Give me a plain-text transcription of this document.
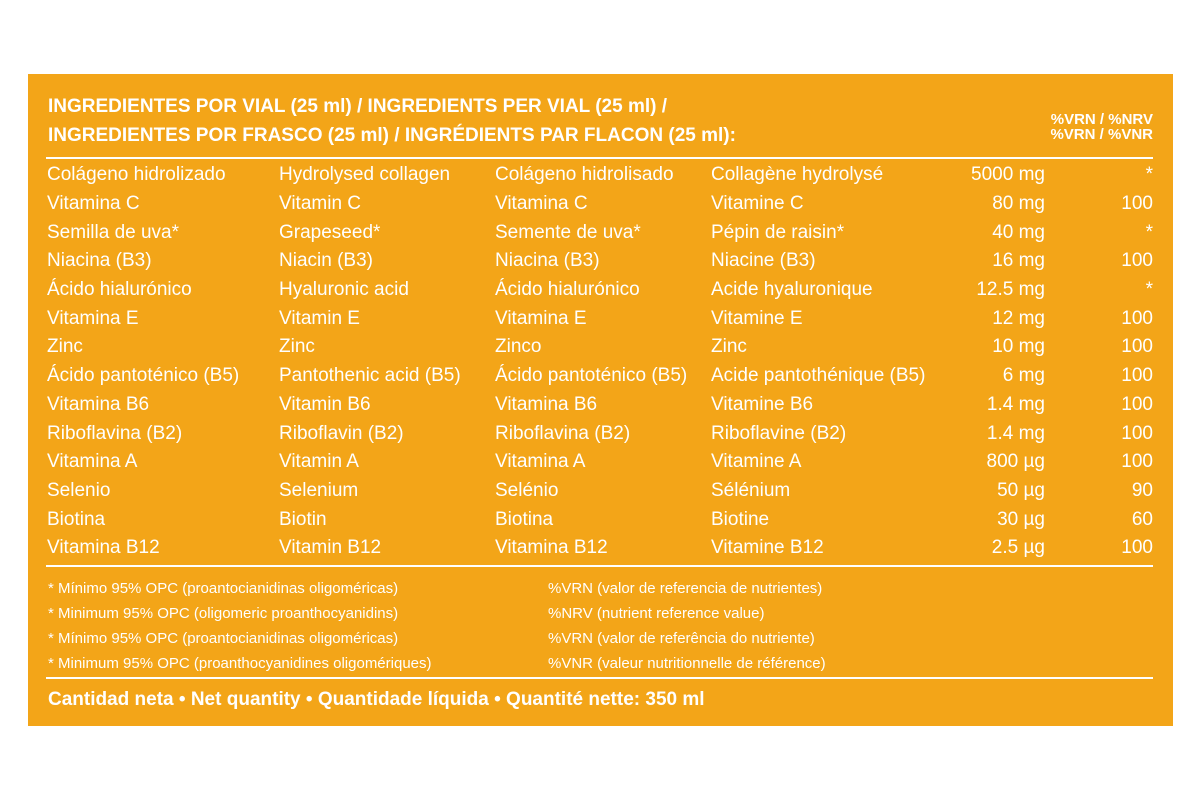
INGREDIENTES POR VIAL (25 ml) / INGREDIENTS PER VIAL (25 ml) /
INGREDIENTES POR FRASCO (25 ml) / INGRÉDIENTS PAR FLACON (25 ml):
%VRN / %NRV
%VRN / %VNR
Colágeno hidrolizado	Hydrolysed collagen	Colágeno hidrolisado	Collagène hydrolysé	5000 mg	*
Vitamina C	Vitamin C	Vitamina C	Vitamine C	80 mg	100
Semilla de uva*	Grapeseed*	Semente de uva*	Pépin de raisin*	40 mg	*
Niacina (B3)	Niacin (B3)	Niacina (B3)	Niacine (B3)	16 mg	100
Ácido hialurónico	Hyaluronic acid	Ácido hialurónico	Acide hyaluronique	12.5 mg	*
Vitamina E	Vitamin E	Vitamina E	Vitamine E	12 mg	100
Zinc	Zinc	Zinco	Zinc	10 mg	100
Ácido pantoténico (B5)	Pantothenic acid (B5)	Ácido pantoténico (B5)	Acide pantothénique (B5)	6 mg	100
Vitamina B6	Vitamin B6	Vitamina B6	Vitamine B6	1.4 mg	100
Riboflavina (B2)	Riboflavin (B2)	Riboflavina (B2)	Riboflavine (B2)	1.4 mg	100
Vitamina A	Vitamin A	Vitamina A	Vitamine A	800 µg	100
Selenio	Selenium	Selénio	Sélénium	50 µg	90
Biotina	Biotin	Biotina	Biotine	30 µg	60
Vitamina B12	Vitamin B12	Vitamina B12	Vitamine B12	2.5 µg	100
* Mínimo 95% OPC (proantocianidinas oligoméricas)	%VRN (valor de referencia de nutrientes)
* Minimum 95% OPC (oligomeric proanthocyanidins)	%NRV (nutrient reference value)
* Mínimo 95% OPC (proantocianidinas oligoméricas)	%VRN (valor de referência do nutriente)
* Minimum 95% OPC (proanthocyanidines oligomériques)	%VNR (valeur nutritionnelle de référence)
Cantidad neta • Net quantity • Quantidade líquida • Quantité nette: 350 ml
